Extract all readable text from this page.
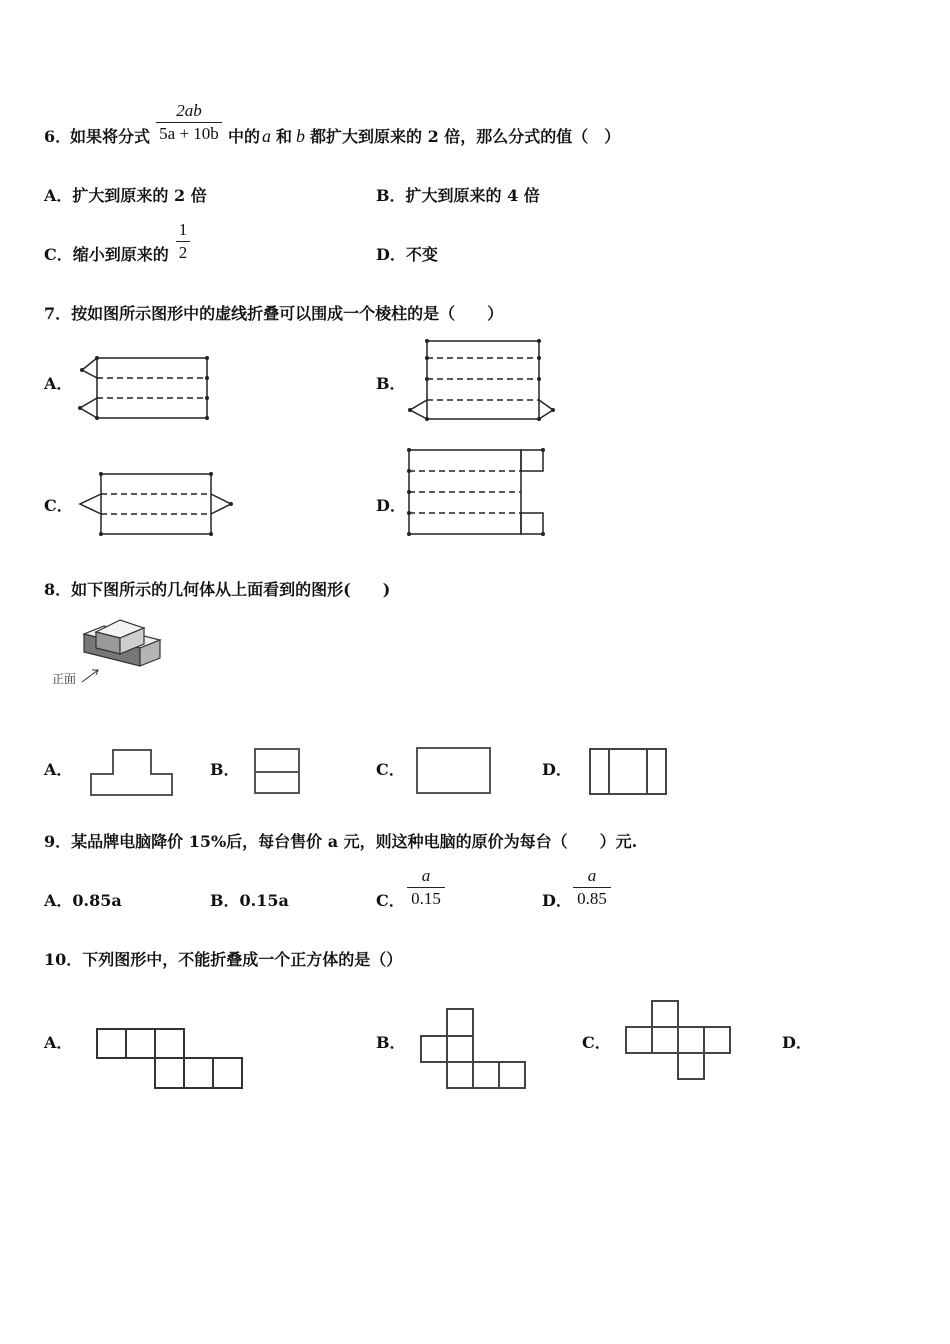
6．
如果将分式
2ab
5a + 10b 中的 a 和 b 都扩大到原来的 2 倍，那么分式的值（　）
A．扩大到原来的 2 倍	B．扩大到原来的 4 倍
C．缩小到原来的
1
2	D．不变
7．按如图所示图形中的虚线折叠可以围成一个棱柱的是（　　）
A．	B．
C．	D．
8．如下图所示的几何体从上面看到的图形(　　)
正面
A．	B．	C．	D．
9．某品牌电脑降价 15%后，每台售价 a 元，则这种电脑的原价为每台（　　）元.
A．0.85a	B．0.15a	C．
a
0.15	D．
a
0.85
10．下列图形中，不能折叠成一个正方体的是（）
A．	B．	C．	D．
